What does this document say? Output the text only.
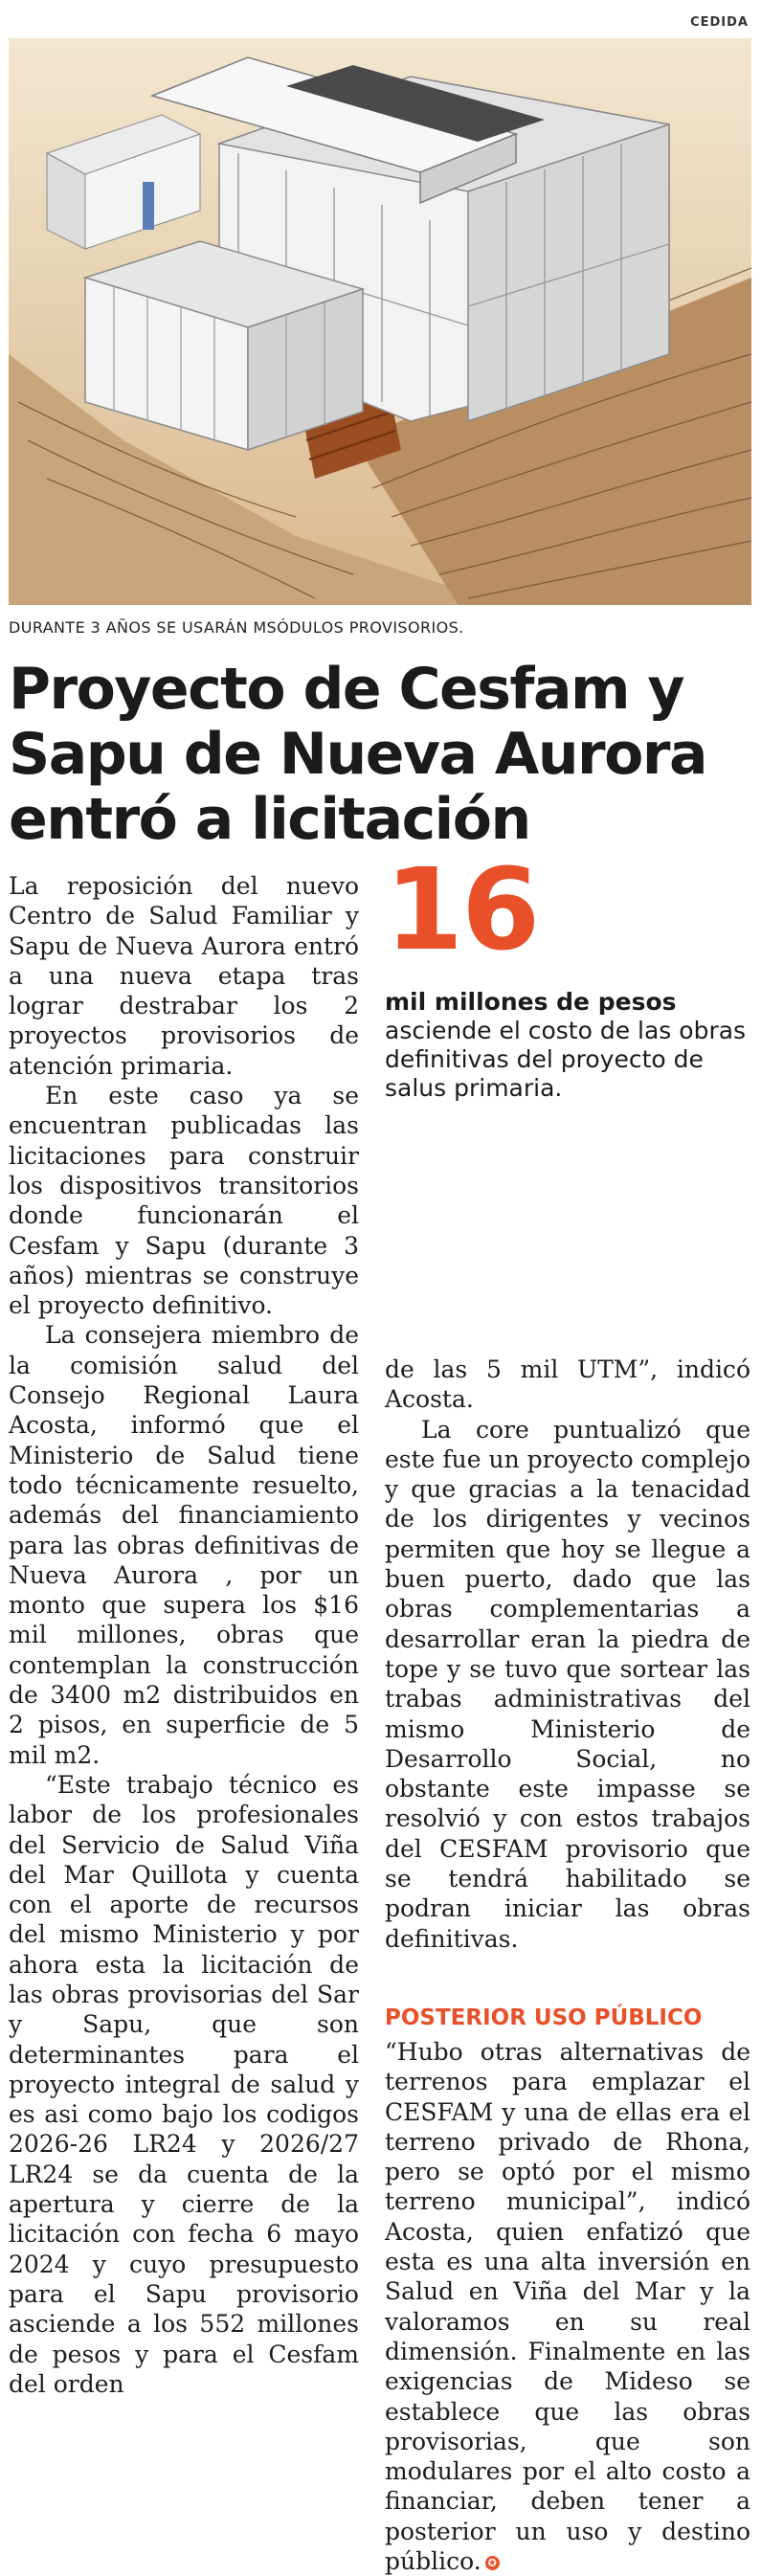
CEDIDA
DURANTE 3 AÑOS SE USARÁN MSÓDULOS PROVISORIOS.
Proyecto de Cesfam y
Sapu de Nueva Aurora
entró a licitación

La reposición del nuevo Centro de Salud Familiar y Sapu de Nueva Aurora entró a una nueva etapa tras lograr destrabar los 2 proyectos provisorios de atención primaria.

En este caso ya se encuentran publicadas las licitaciones para construir los dispositivos transitorios donde funcionarán el Cesfam y Sapu (durante 3 años) mientras se construye el proyecto definitivo.

La consejera miembro de la comisión salud del Consejo Regional Laura Acosta, informó que el Ministerio de Salud tiene todo técnicamente resuelto, además del financiamiento para las obras definitivas de Nueva Aurora , por un monto que supera los $16 mil millones, obras que contemplan la construcción de 3400 m2 distribuidos en 2 pisos, en superficie de 5 mil m2.

“Este trabajo técnico es labor de los profesionales del Servicio de Salud Viña del Mar Quillota y cuenta con el aporte de recursos del mismo Ministerio y por ahora esta la licitación de las obras provisorias del Sar y Sapu, que son determinantes para el proyecto integral de salud y es asi como bajo los codigos 2026-26 LR24 y 2026/27 LR24 se da cuenta de la apertura y cierre de la licitación con fecha 6 mayo 2024 y cuyo presupuesto para el Sapu provisorio asciende a los 552 millones de pesos y para el Cesfam del orden

16
mil millones de pesos
asciende el costo de las obras definitivas del proyecto de salus primaria.

de las 5 mil UTM”, indicó Acosta.

La core puntualizó que este fue un proyecto complejo y que gracias a la tenacidad de los dirigentes y vecinos permiten que hoy se llegue a buen puerto, dado que las obras complementarias a desarrollar eran la piedra de tope y se tuvo que sortear las trabas administrativas del mismo Ministerio de Desarrollo Social, no obstante este impasse se resolvió y con estos trabajos del CESFAM provisorio que se tendrá habilitado se podran iniciar las obras definitivas.

POSTERIOR USO PÚBLICO

“Hubo otras alternativas de terrenos para emplazar el CESFAM y una de ellas era el terreno privado de Rhona, pero se optó por el mismo terreno municipal”, indicó Acosta, quien enfatizó que esta es una alta inversión en Salud en Viña del Mar y la valoramos en su real dimensión. Finalmente en las exigencias de Mideso se establece que las obras provisorias, que son modulares por el alto costo a financiar, deben tener a posterior un uso y destino público. ✪
